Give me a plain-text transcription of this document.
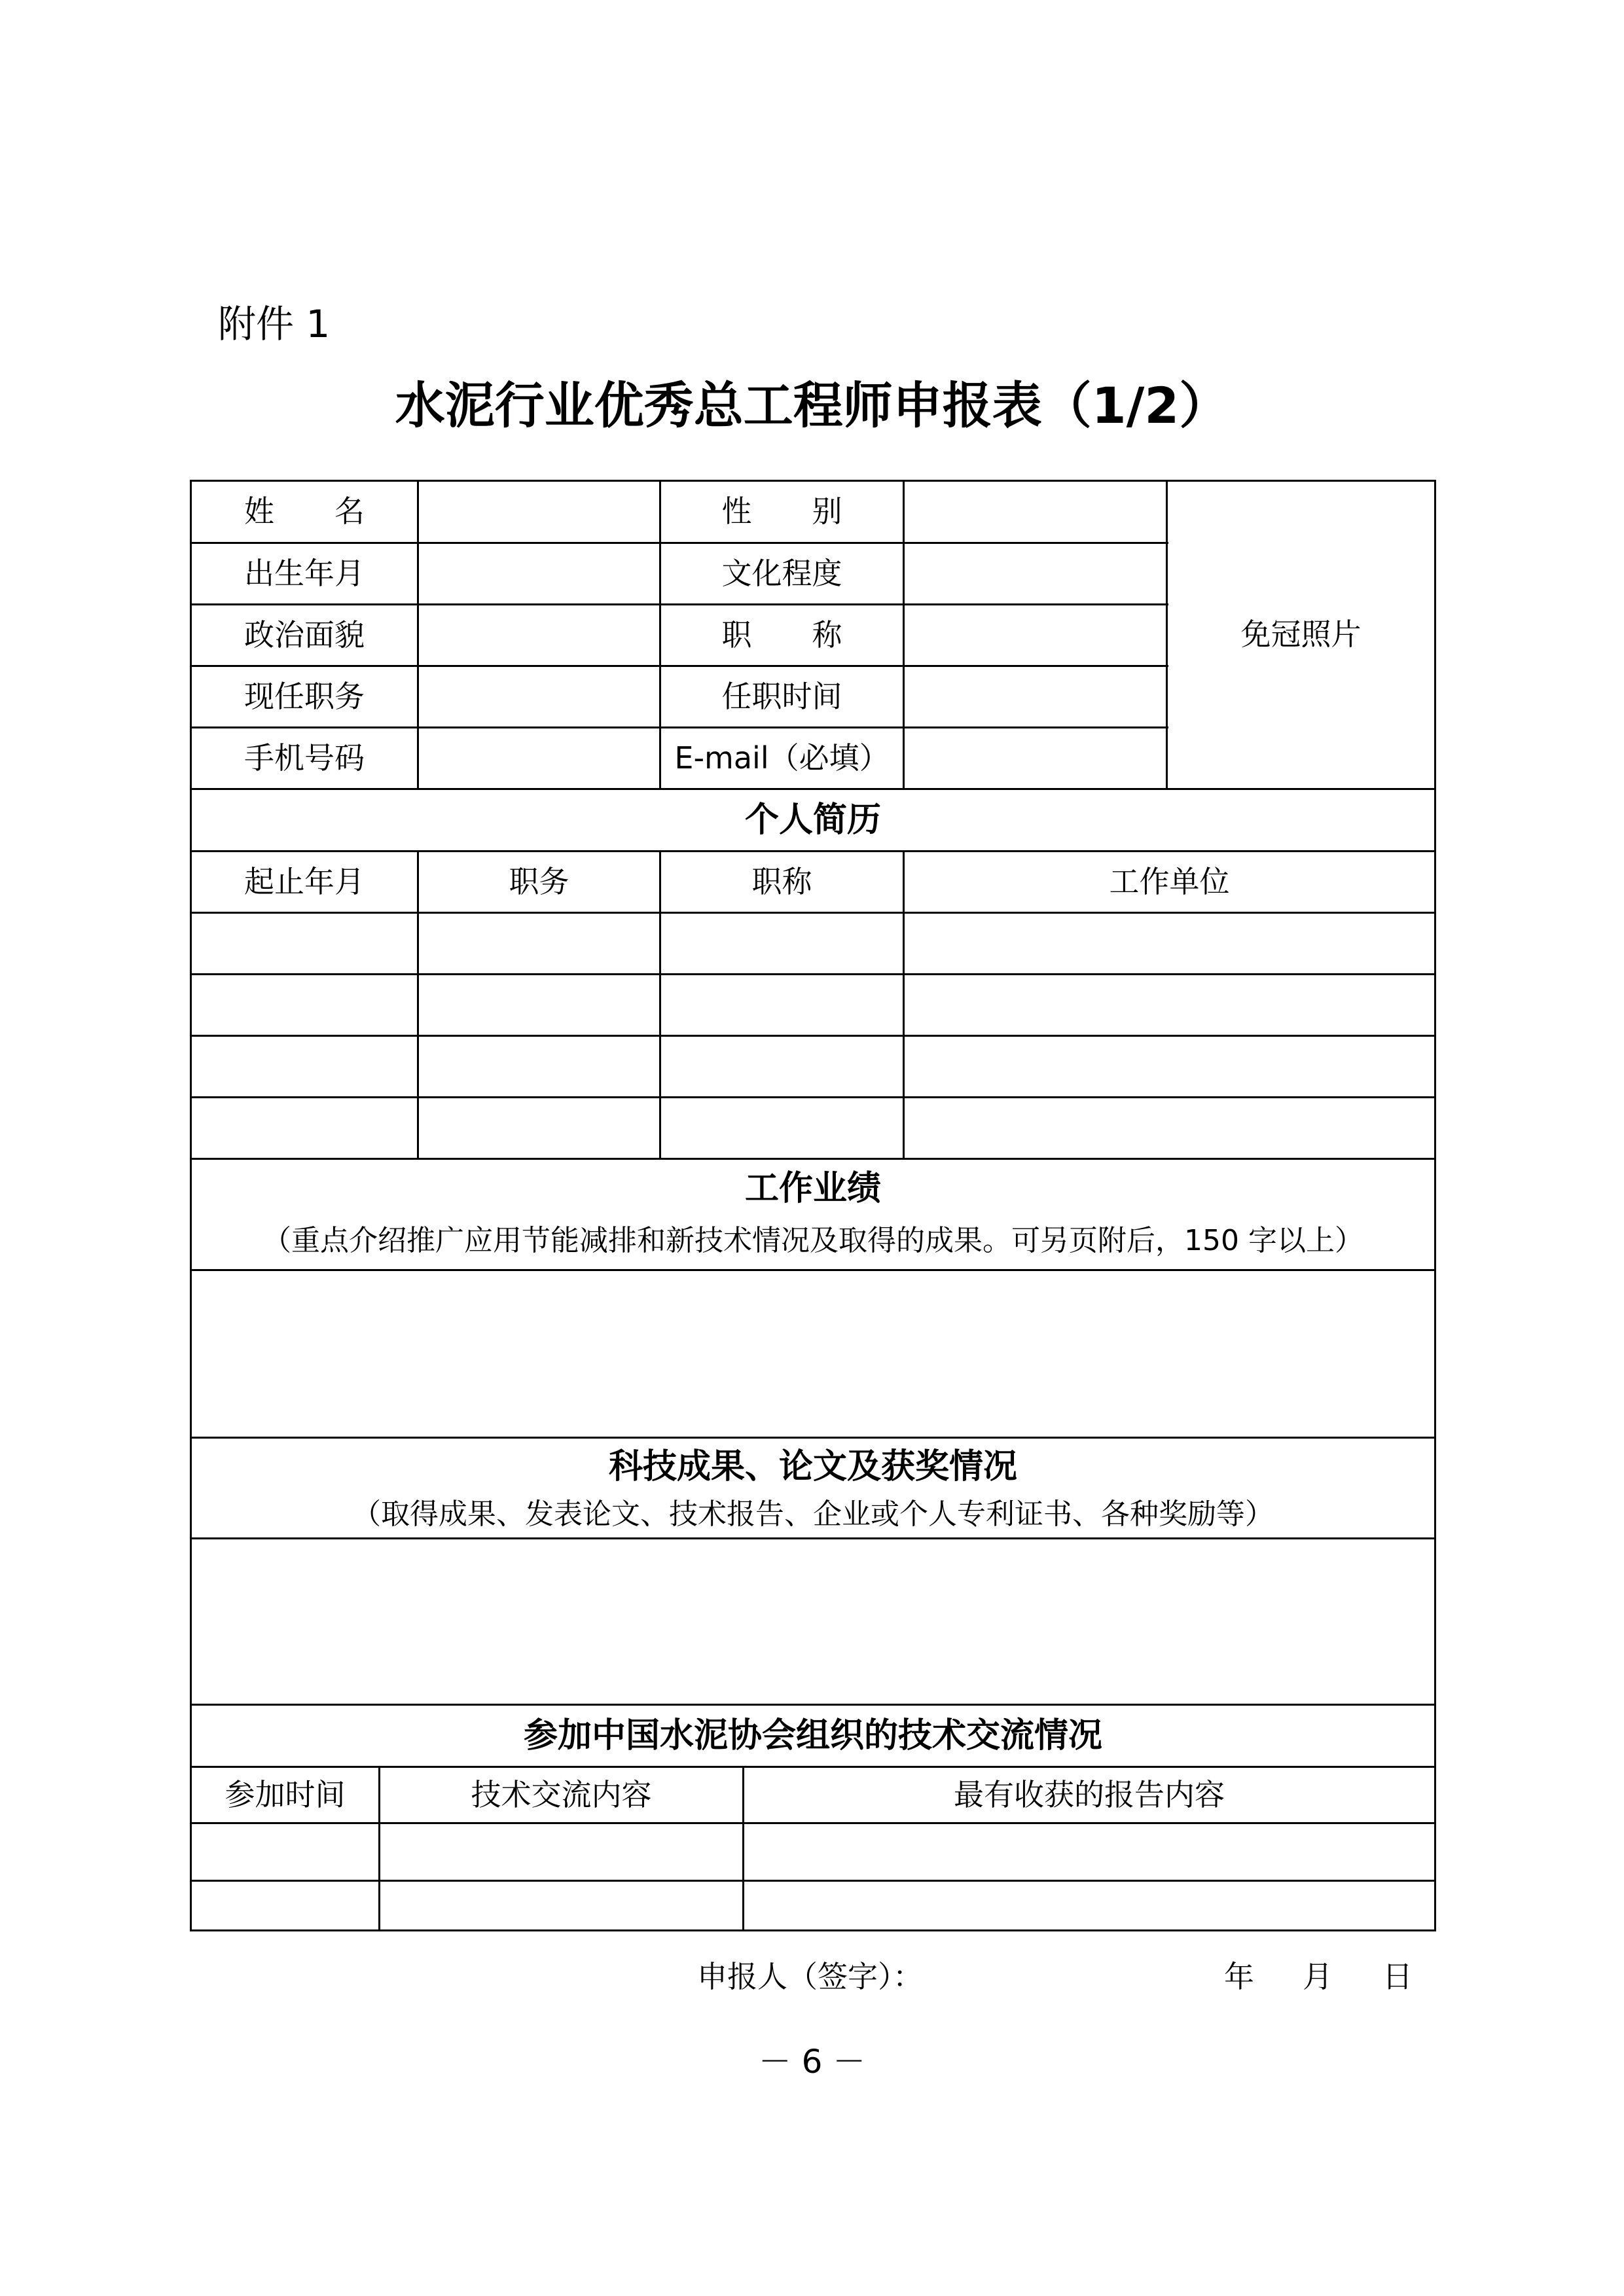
附件 1
水泥行业优秀总工程师申报表（1/2）
姓　　名	性　　别
出生年月	文化程度
政治面貌	职　　称
现任职务	任职时间
手机号码	E-mail（必填）
免冠照片
个人简历
起止年月	职务	职称	工作单位
工作业绩
（重点介绍推广应用节能减排和新技术情况及取得的成果。可另页附后，150 字以上）
科技成果、论文及获奖情况
（取得成果、发表论文、技术报告、企业或个人专利证书、各种奖励等）
参加中国水泥协会组织的技术交流情况
参加时间	技术交流内容	最有收获的报告内容
申报人（签字）：	年 月 日
－ 6 －
